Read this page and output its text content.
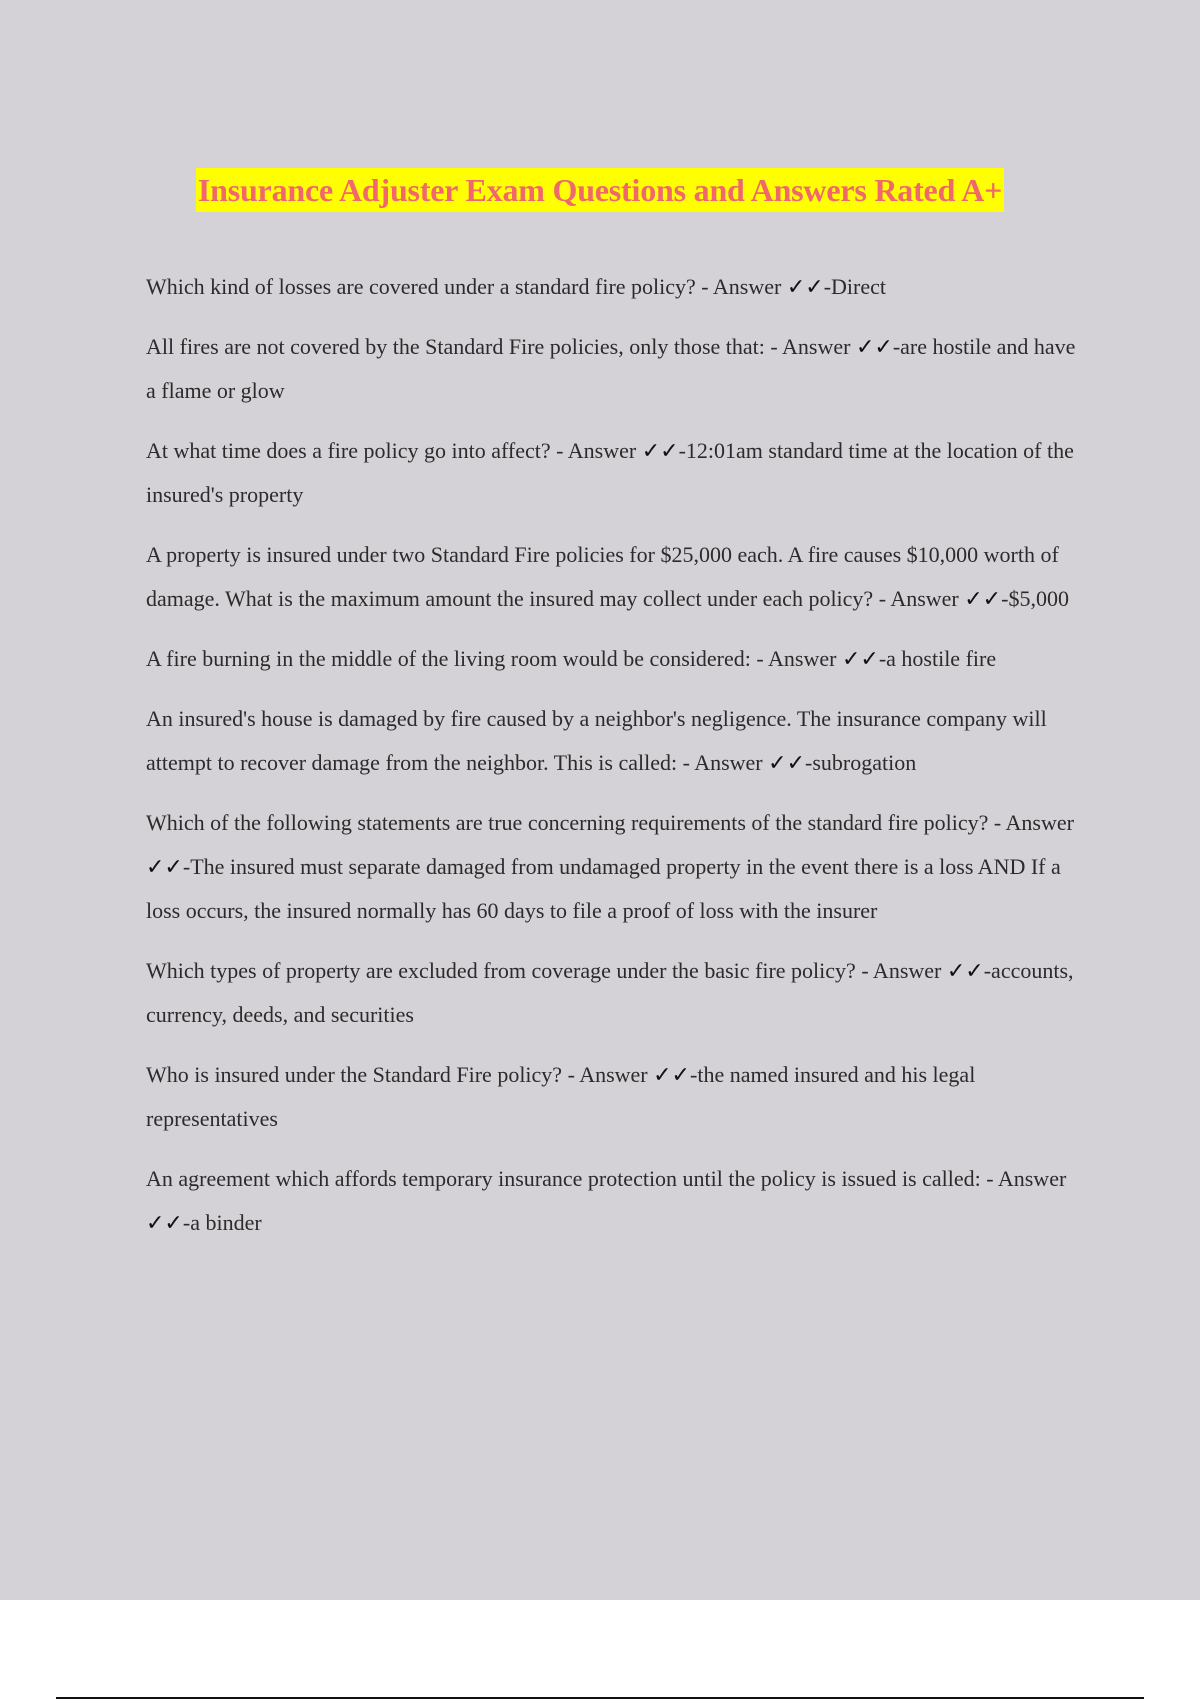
Insurance Adjuster Exam Questions and Answers Rated A+

Which kind of losses are covered under a standard fire policy? - Answer ✓✓-Direct

All fires are not covered by the Standard Fire policies, only those that: - Answer ✓✓-are hostile and have a flame or glow

At what time does a fire policy go into affect? - Answer ✓✓-12:01am standard time at the location of the insured's property

A property is insured under two Standard Fire policies for $25,000 each. A fire causes $10,000 worth of damage. What is the maximum amount the insured may collect under each policy? - Answer ✓✓-$5,000

A fire burning in the middle of the living room would be considered: - Answer ✓✓-a hostile fire

An insured's house is damaged by fire caused by a neighbor's negligence. The insurance company will attempt to recover damage from the neighbor. This is called: - Answer ✓✓-subrogation

Which of the following statements are true concerning requirements of the standard fire policy? - Answer ✓✓-The insured must separate damaged from undamaged property in the event there is a loss AND If a loss occurs, the insured normally has 60 days to file a proof of loss with the insurer

Which types of property are excluded from coverage under the basic fire policy? - Answer ✓✓-accounts, currency, deeds, and securities

Who is insured under the Standard Fire policy? - Answer ✓✓-the named insured and his legal representatives

An agreement which affords temporary insurance protection until the policy is issued is called: - Answer ✓✓-a binder
